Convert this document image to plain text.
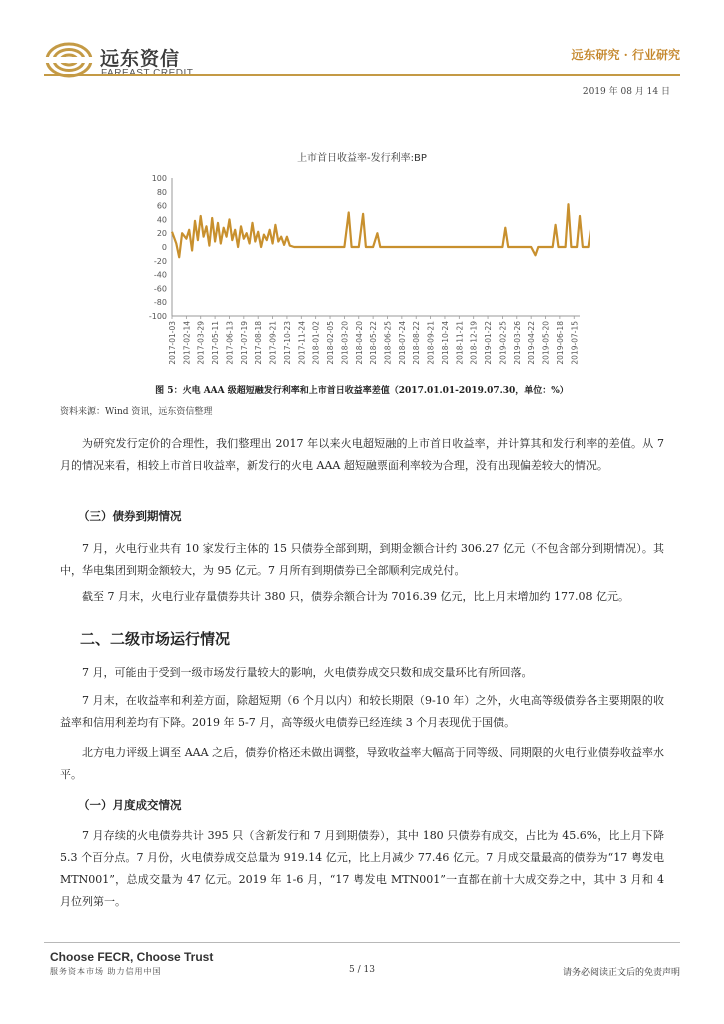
远东资信	远东研究 · 行业研究
2019 年 08 月 14 日
上市首日收益率-发行利率:BP
100
80
60
40
20
0
-20
-40
-60
-80
-100
2017-01-03 2017-02-14 2017-03-29 2017-05-11 2017-06-13 2017-07-19 2017-08-18 2017-09-21 2017-10-23 2017-11-24 2018-01-02 2018-02-05 2018-03-20 2018-04-20 2018-05-22 2018-06-25 2018-07-24 2018-08-22 2018-09-21 2018-10-24 2018-11-21 2018-12-19 2019-01-22 2019-02-25 2019-03-26 2019-04-22 2019-05-20 2019-06-18 2019-07-15
图 5：火电 AAA 级超短融发行利率和上市首日收益率差值（2017.01.01-2019.07.30，单位：%）
资料来源：Wind 资讯，远东资信整理

为研究发行定价的合理性，我们整理出 2017 年以来火电超短融的上市首日收益率，并计算其和发行利率的差值。从 7 月的情况来看，相较上市首日收益率，新发行的火电 AAA 超短融票面利率较为合理，没有出现偏差较大的情况。

（三）债券到期情况

7 月，火电行业共有 10 家发行主体的 15 只债券全部到期，到期金额合计约 306.27 亿元（不包含部分到期情况）。其中，华电集团到期金额较大，为 95 亿元。7 月所有到期债券已全部顺利完成兑付。

截至 7 月末，火电行业存量债券共计 380 只，债券余额合计为 7016.39 亿元，比上月末增加约 177.08 亿元。

二、二级市场运行情况

7 月，可能由于受到一级市场发行量较大的影响，火电债券成交只数和成交量环比有所回落。

7 月末，在收益率和利差方面，除超短期（6 个月以内）和较长期限（9-10 年）之外，火电高等级债券各主要期限的收益率和信用利差均有下降。2019 年 5-7 月，高等级火电债券已经连续 3 个月表现优于国债。

北方电力评级上调至 AAA 之后，债券价格还未做出调整，导致收益率大幅高于同等级、同期限的火电行业债券收益率水平。

（一）月度成交情况

7 月存续的火电债券共计 395 只（含新发行和 7 月到期债券），其中 180 只债券有成交，占比为 45.6%，比上月下降 5.3 个百分点。7 月份，火电债券成交总量为 919.14 亿元，比上月减少 77.46 亿元。7 月成交量最高的债券为“17 粤发电 MTN001”，总成交量为 47 亿元。2019 年 1-6 月，“17 粤发电 MTN001”一直都在前十大成交券之中，其中 3 月和 4 月位列第一。

Choose FECR, Choose Trust
服务资本市场 助力信用中国	5 / 13	请务必阅读正文后的免责声明
